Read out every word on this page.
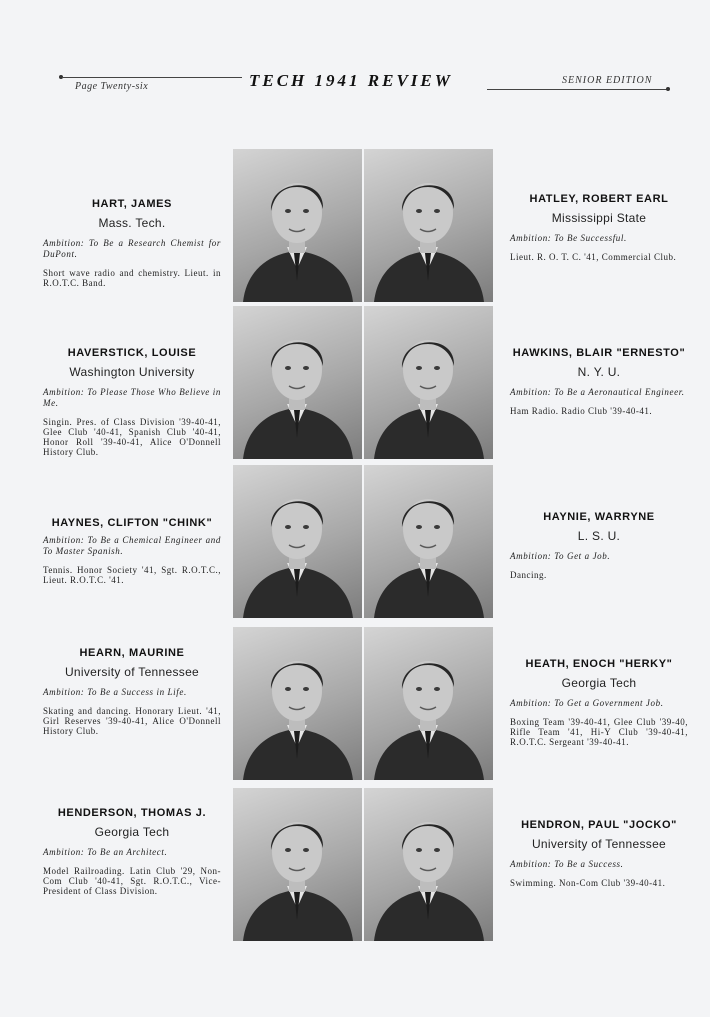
Page Twenty-six	TECH 1941 REVIEW	SENIOR EDITION
HART, JAMES
Mass. Tech.
Ambition: To Be a Research Chemist for DuPont.
Short wave radio and chemistry. Lieut. in R.O.T.C. Band.
HATLEY, ROBERT EARL
Mississippi State
Ambition: To Be Successful.
Lieut. R. O. T. C. '41, Commercial Club.
HAVERSTICK, LOUISE
Washington University
Ambition: To Please Those Who Believe in Me.
Singin. Pres. of Class Division '39-40-41, Glee Club '40-41, Spanish Club '40-41, Honor Roll '39-40-41, Alice O'Donnell History Club.
HAWKINS, BLAIR "ERNESTO"
N. Y. U.
Ambition: To Be a Aeronautical Engineer.
Ham Radio. Radio Club '39-40-41.
HAYNES, CLIFTON "CHINK"
Ambition: To Be a Chemical Engineer and To Master Spanish.
Tennis. Honor Society '41, Sgt. R.O.T.C., Lieut. R.O.T.C. '41.
HAYNIE, WARRYNE
L. S. U.
Ambition: To Get a Job.
Dancing.
HEARN, MAURINE
University of Tennessee
Ambition: To Be a Success in Life.
Skating and dancing. Honorary Lieut. '41, Girl Reserves '39-40-41, Alice O'Donnell History Club.
HEATH, ENOCH "HERKY"
Georgia Tech
Ambition: To Get a Government Job.
Boxing Team '39-40-41, Glee Club '39-40, Rifle Team '41, Hi-Y Club '39-40-41, R.O.T.C. Sergeant '39-40-41.
HENDERSON, THOMAS J.
Georgia Tech
Ambition: To Be an Architect.
Model Railroading. Latin Club '29, Non-Com Club '40-41, Sgt. R.O.T.C., Vice-President of Class Division.
HENDRON, PAUL "JOCKO"
University of Tennessee
Ambition: To Be a Success.
Swimming. Non-Com Club '39-40-41.
